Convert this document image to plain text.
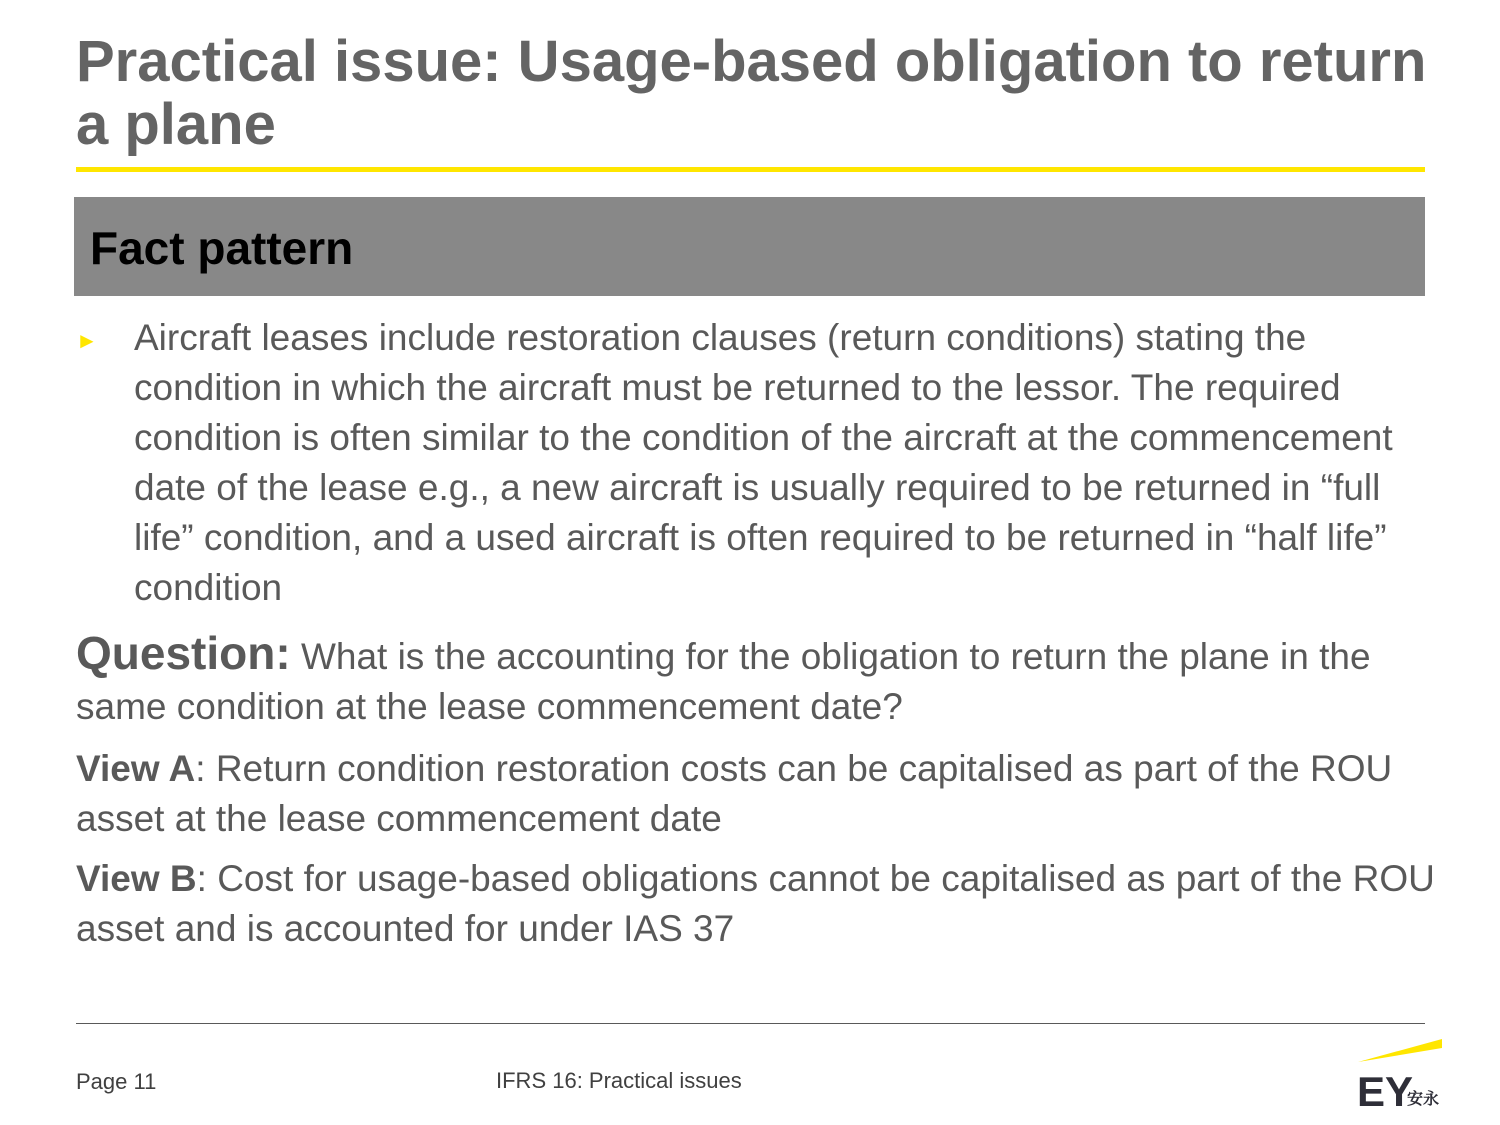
Practical issue: Usage-based obligation to return a plane
Fact pattern
► Aircraft leases include restoration clauses (return conditions) stating the condition in which the aircraft must be returned to the lessor. The required condition is often similar to the condition of the aircraft at the commencement date of the lease e.g., a new aircraft is usually required to be returned in “full life” condition, and a used aircraft is often required to be returned in “half life” condition

Question: What is the accounting for the obligation to return the plane in the same condition at the lease commencement date?

View A: Return condition restoration costs can be capitalised as part of the ROU asset at the lease commencement date

View B: Cost for usage-based obligations cannot be capitalised as part of the ROU asset and is accounted for under IAS 37

Page 11	IFRS 16: Practical issues	EY
安永
